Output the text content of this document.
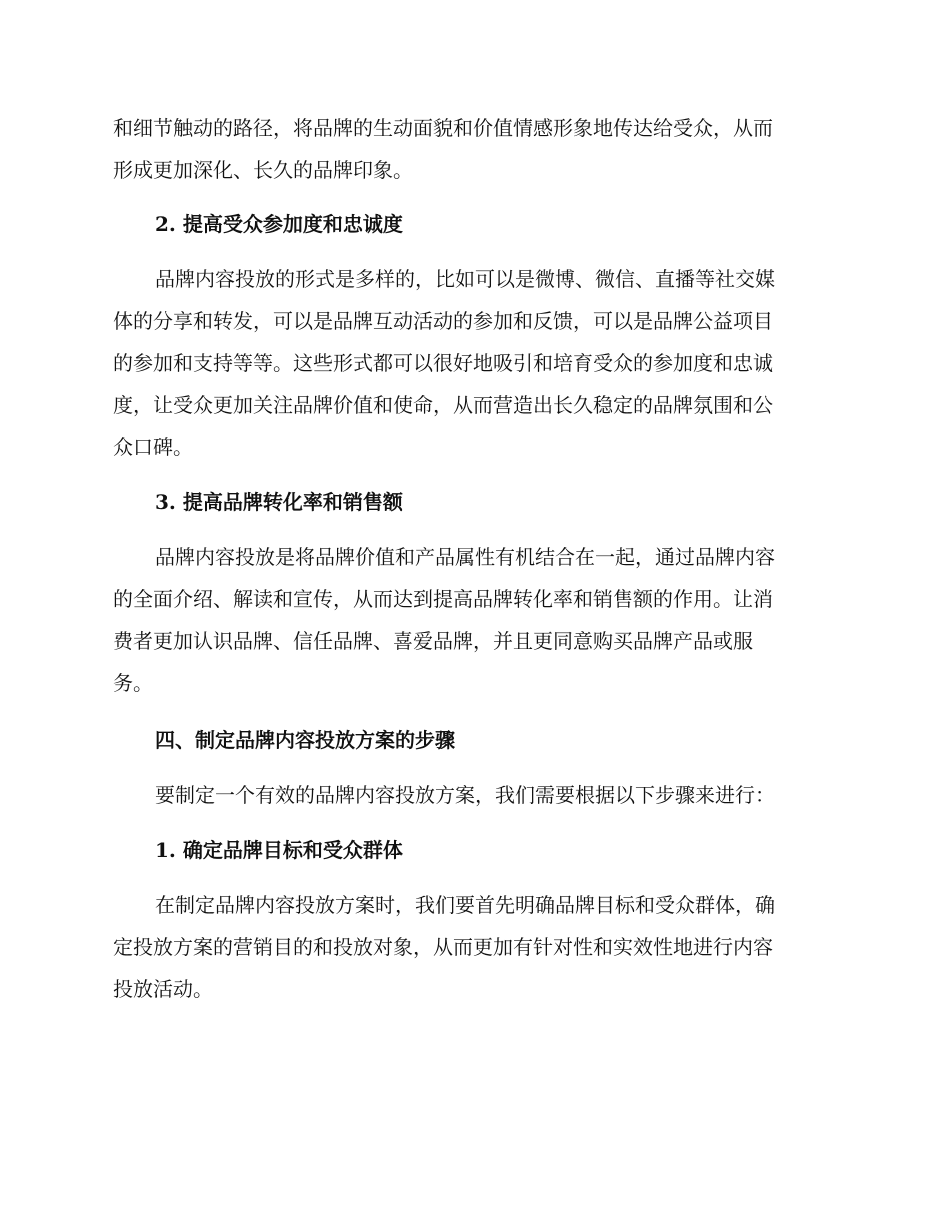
和细节触动的路径，将品牌的生动面貌和价值情感形象地传达给受众，从而
形成更加深化、长久的品牌印象。
2. 提高受众参加度和忠诚度
品牌内容投放的形式是多样的，比如可以是微博、微信、直播等社交媒
体的分享和转发，可以是品牌互动活动的参加和反馈，可以是品牌公益项目
的参加和支持等等。这些形式都可以很好地吸引和培育受众的参加度和忠诚
度，让受众更加关注品牌价值和使命，从而营造出长久稳定的品牌氛围和公
众口碑。
3. 提高品牌转化率和销售额
品牌内容投放是将品牌价值和产品属性有机结合在一起，通过品牌内容
的全面介绍、解读和宣传，从而达到提高品牌转化率和销售额的作用。让消
费者更加认识品牌、信任品牌、喜爱品牌，并且更同意购买品牌产品或服
务。
四、制定品牌内容投放方案的步骤
要制定一个有效的品牌内容投放方案，我们需要根据以下步骤来进行：
1. 确定品牌目标和受众群体
在制定品牌内容投放方案时，我们要首先明确品牌目标和受众群体，确
定投放方案的营销目的和投放对象，从而更加有针对性和实效性地进行内容
投放活动。
